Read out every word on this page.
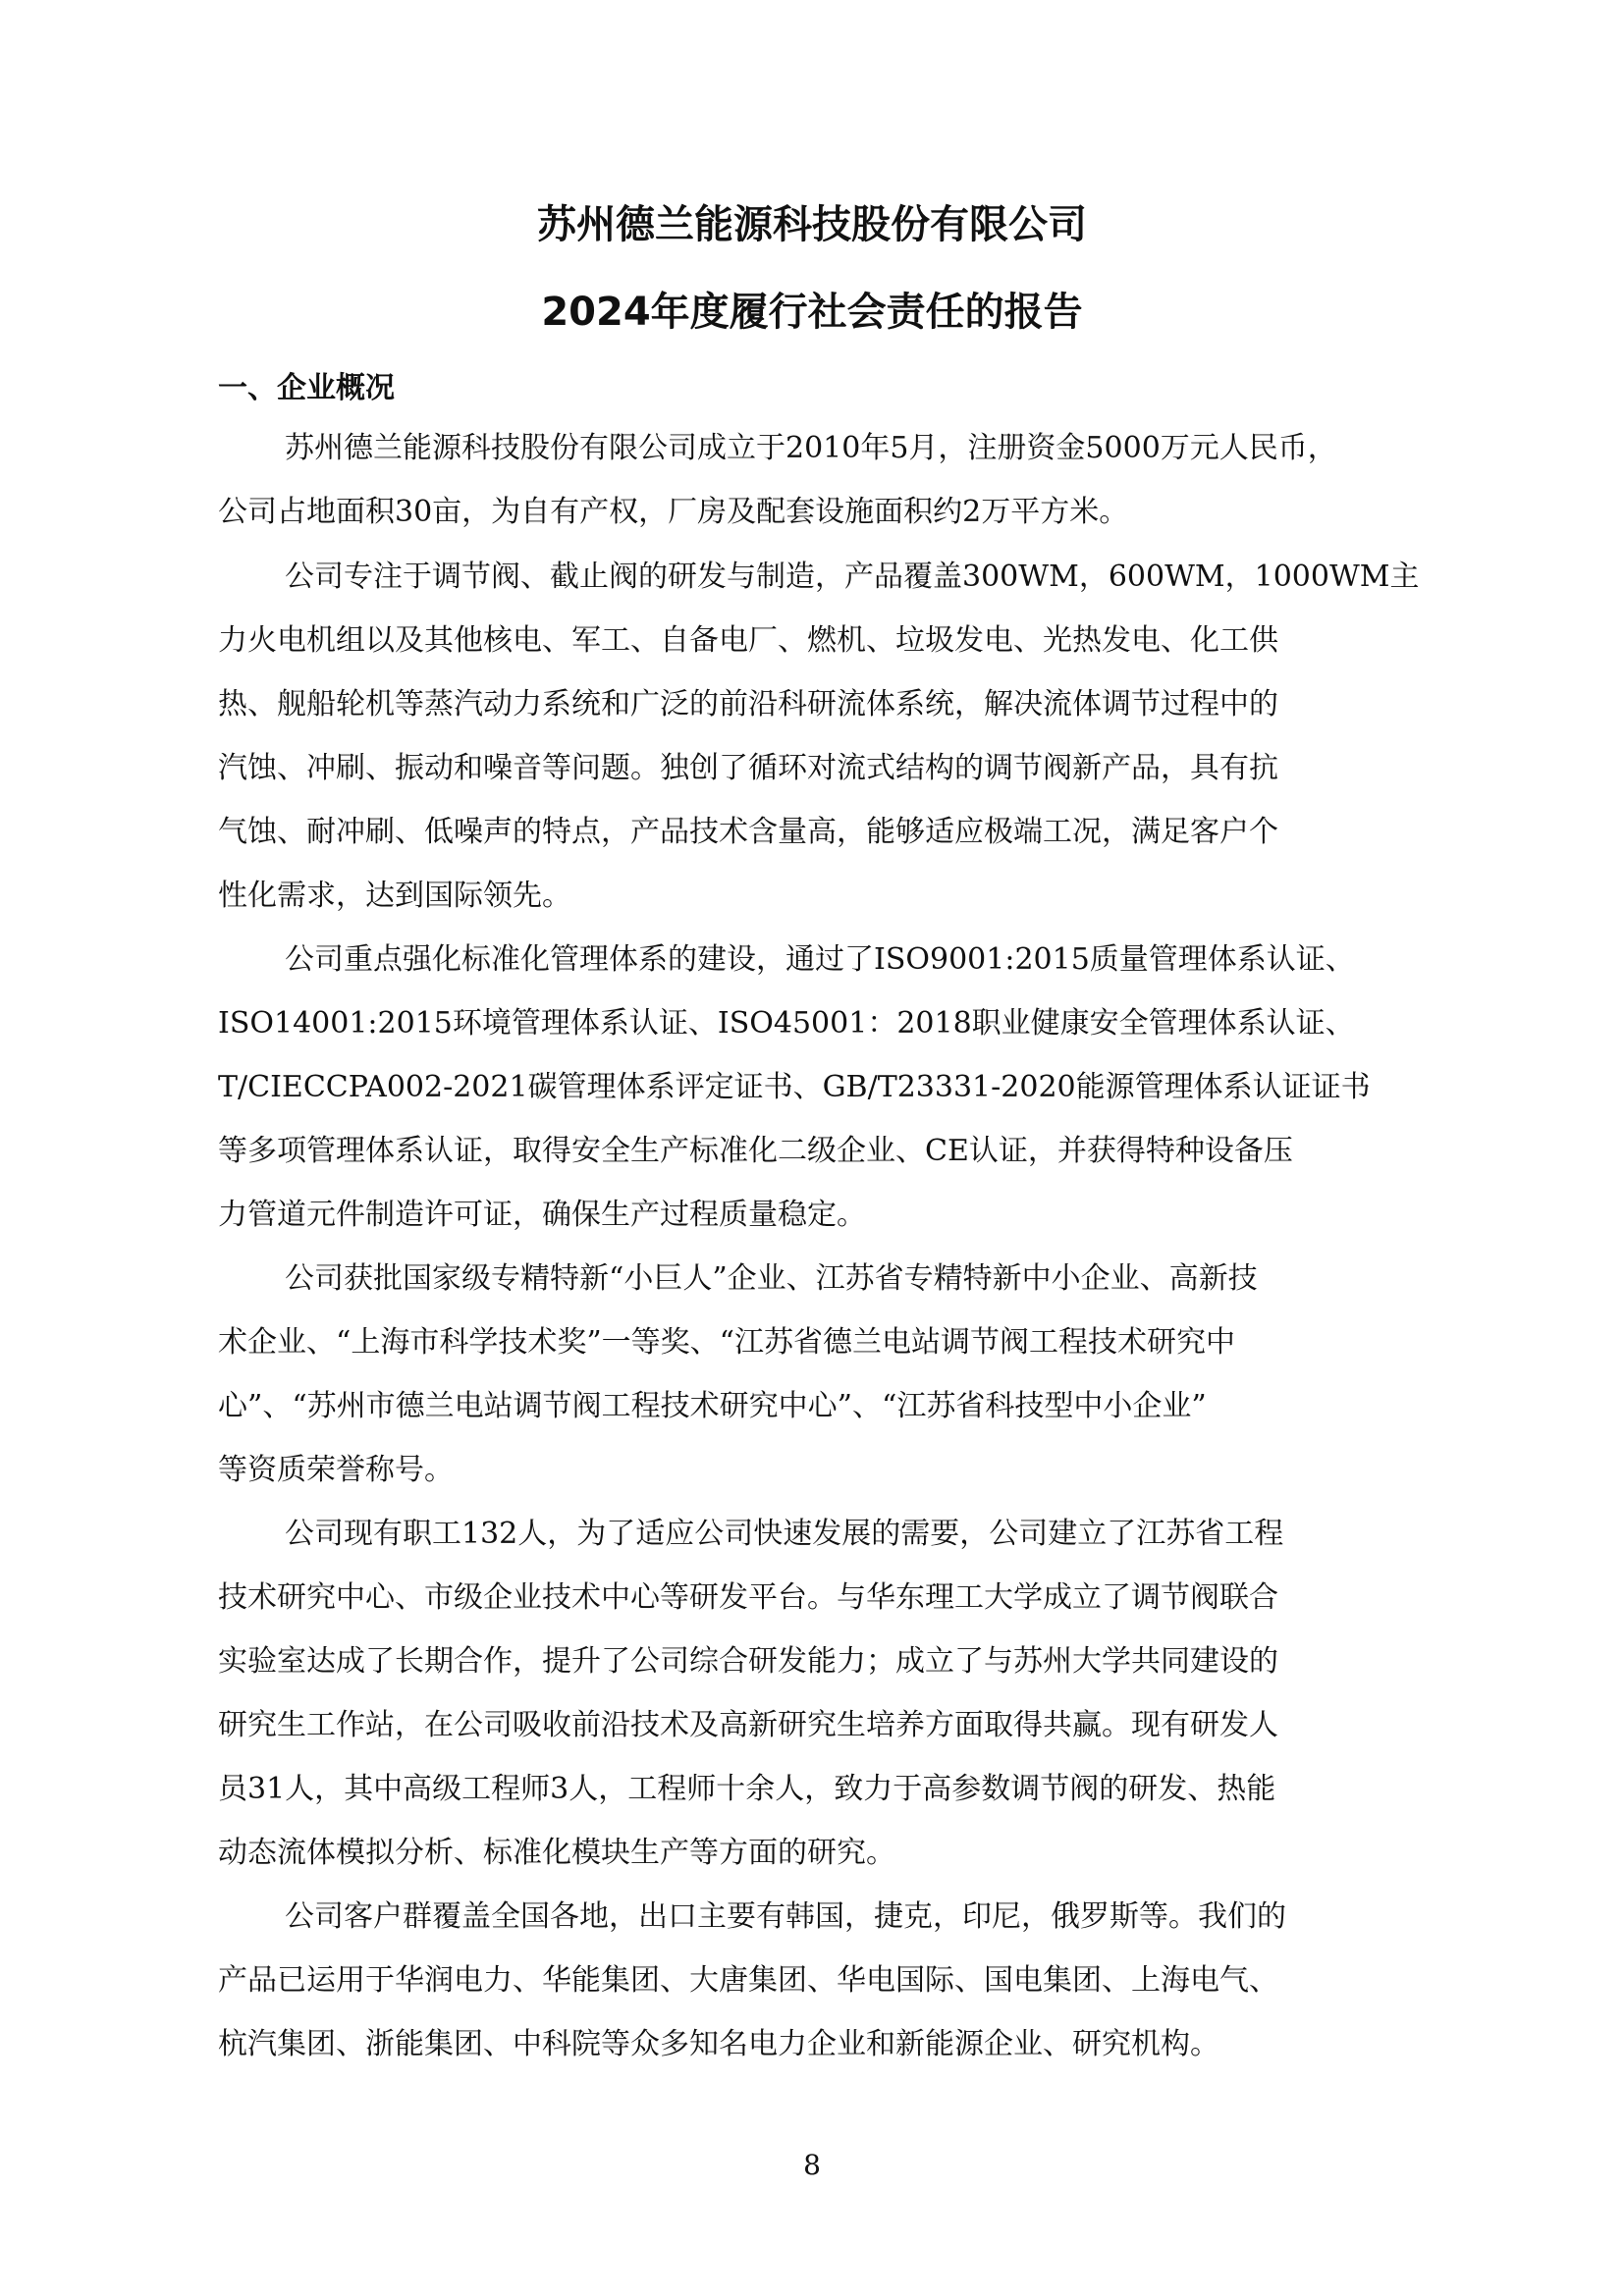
苏州德兰能源科技股份有限公司
2024年度履行社会责任的报告
一、企业概况
苏州德兰能源科技股份有限公司成立于2010年5月，注册资金5000万元人民币，
公司占地面积30亩，为自有产权，厂房及配套设施面积约2万平方米。
公司专注于调节阀、截止阀的研发与制造，产品覆盖300WM，600WM，1000WM主
力火电机组以及其他核电、军工、自备电厂、燃机、垃圾发电、光热发电、化工供
热、舰船轮机等蒸汽动力系统和广泛的前沿科研流体系统，解决流体调节过程中的
汽蚀、冲刷、振动和噪音等问题。独创了循环对流式结构的调节阀新产品，具有抗
气蚀、耐冲刷、低噪声的特点，产品技术含量高，能够适应极端工况，满足客户个
性化需求，达到国际领先。
公司重点强化标准化管理体系的建设，通过了ISO9001:2015质量管理体系认证、
ISO14001:2015环境管理体系认证、ISO45001：2018职业健康安全管理体系认证、
T/CIECCPA002-2021碳管理体系评定证书、GB/T23331-2020能源管理体系认证证书
等多项管理体系认证，取得安全生产标准化二级企业、CE认证，并获得特种设备压
力管道元件制造许可证，确保生产过程质量稳定。
公司获批国家级专精特新“小巨人”企业、江苏省专精特新中小企业、高新技
术企业、“上海市科学技术奖”一等奖、“江苏省德兰电站调节阀工程技术研究中
心”、“苏州市德兰电站调节阀工程技术研究中心”、“江苏省科技型中小企业”
等资质荣誉称号。
公司现有职工132人，为了适应公司快速发展的需要，公司建立了江苏省工程
技术研究中心、市级企业技术中心等研发平台。与华东理工大学成立了调节阀联合
实验室达成了长期合作，提升了公司综合研发能力；成立了与苏州大学共同建设的
研究生工作站，在公司吸收前沿技术及高新研究生培养方面取得共赢。现有研发人
员31人，其中高级工程师3人，工程师十余人，致力于高参数调节阀的研发、热能
动态流体模拟分析、标准化模块生产等方面的研究。
公司客户群覆盖全国各地，出口主要有韩国，捷克，印尼，俄罗斯等。我们的
产品已运用于华润电力、华能集团、大唐集团、华电国际、国电集团、上海电气、
杭汽集团、浙能集团、中科院等众多知名电力企业和新能源企业、研究机构。
8
